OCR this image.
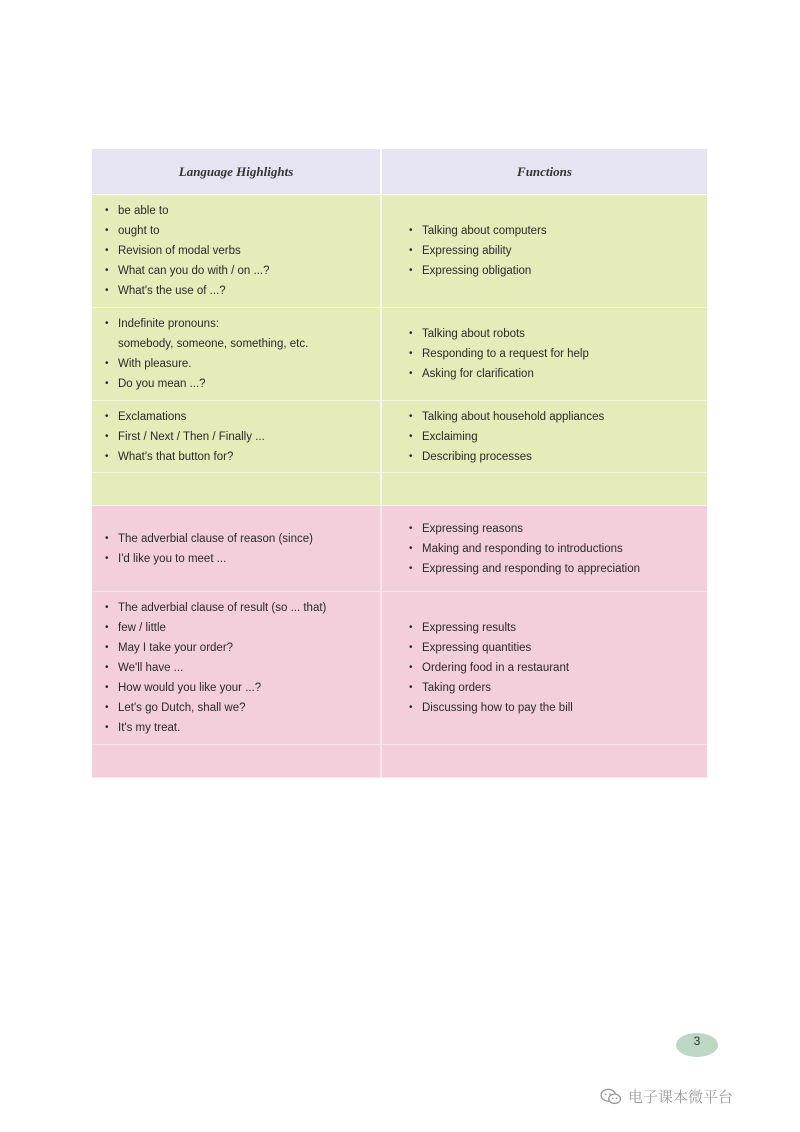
Language Highlights	Functions
• be able to
• ought to
• Revision of modal verbs
• What can you do with / on ...?
• What's the use of ...?
• Talking about computers
• Expressing ability
• Expressing obligation
• Indefinite pronouns:
somebody, someone, something, etc.
• With pleasure.
• Do you mean ...?
• Talking about robots
• Responding to a request for help
• Asking for clarification
• Exclamations
• First / Next / Then / Finally ...
• What's that button for?
• Talking about household appliances
• Exclaiming
• Describing processes
• The adverbial clause of reason (since)
• I'd like you to meet ...
• Expressing reasons
• Making and responding to introductions
• Expressing and responding to appreciation
• The adverbial clause of result (so ... that)
• few / little
• May I take your order?
• We'll have ...
• How would you like your ...?
• Let's go Dutch, shall we?
• It's my treat.
• Expressing results
• Expressing quantities
• Ordering food in a restaurant
• Taking orders
• Discussing how to pay the bill
3
电子课本微平台
